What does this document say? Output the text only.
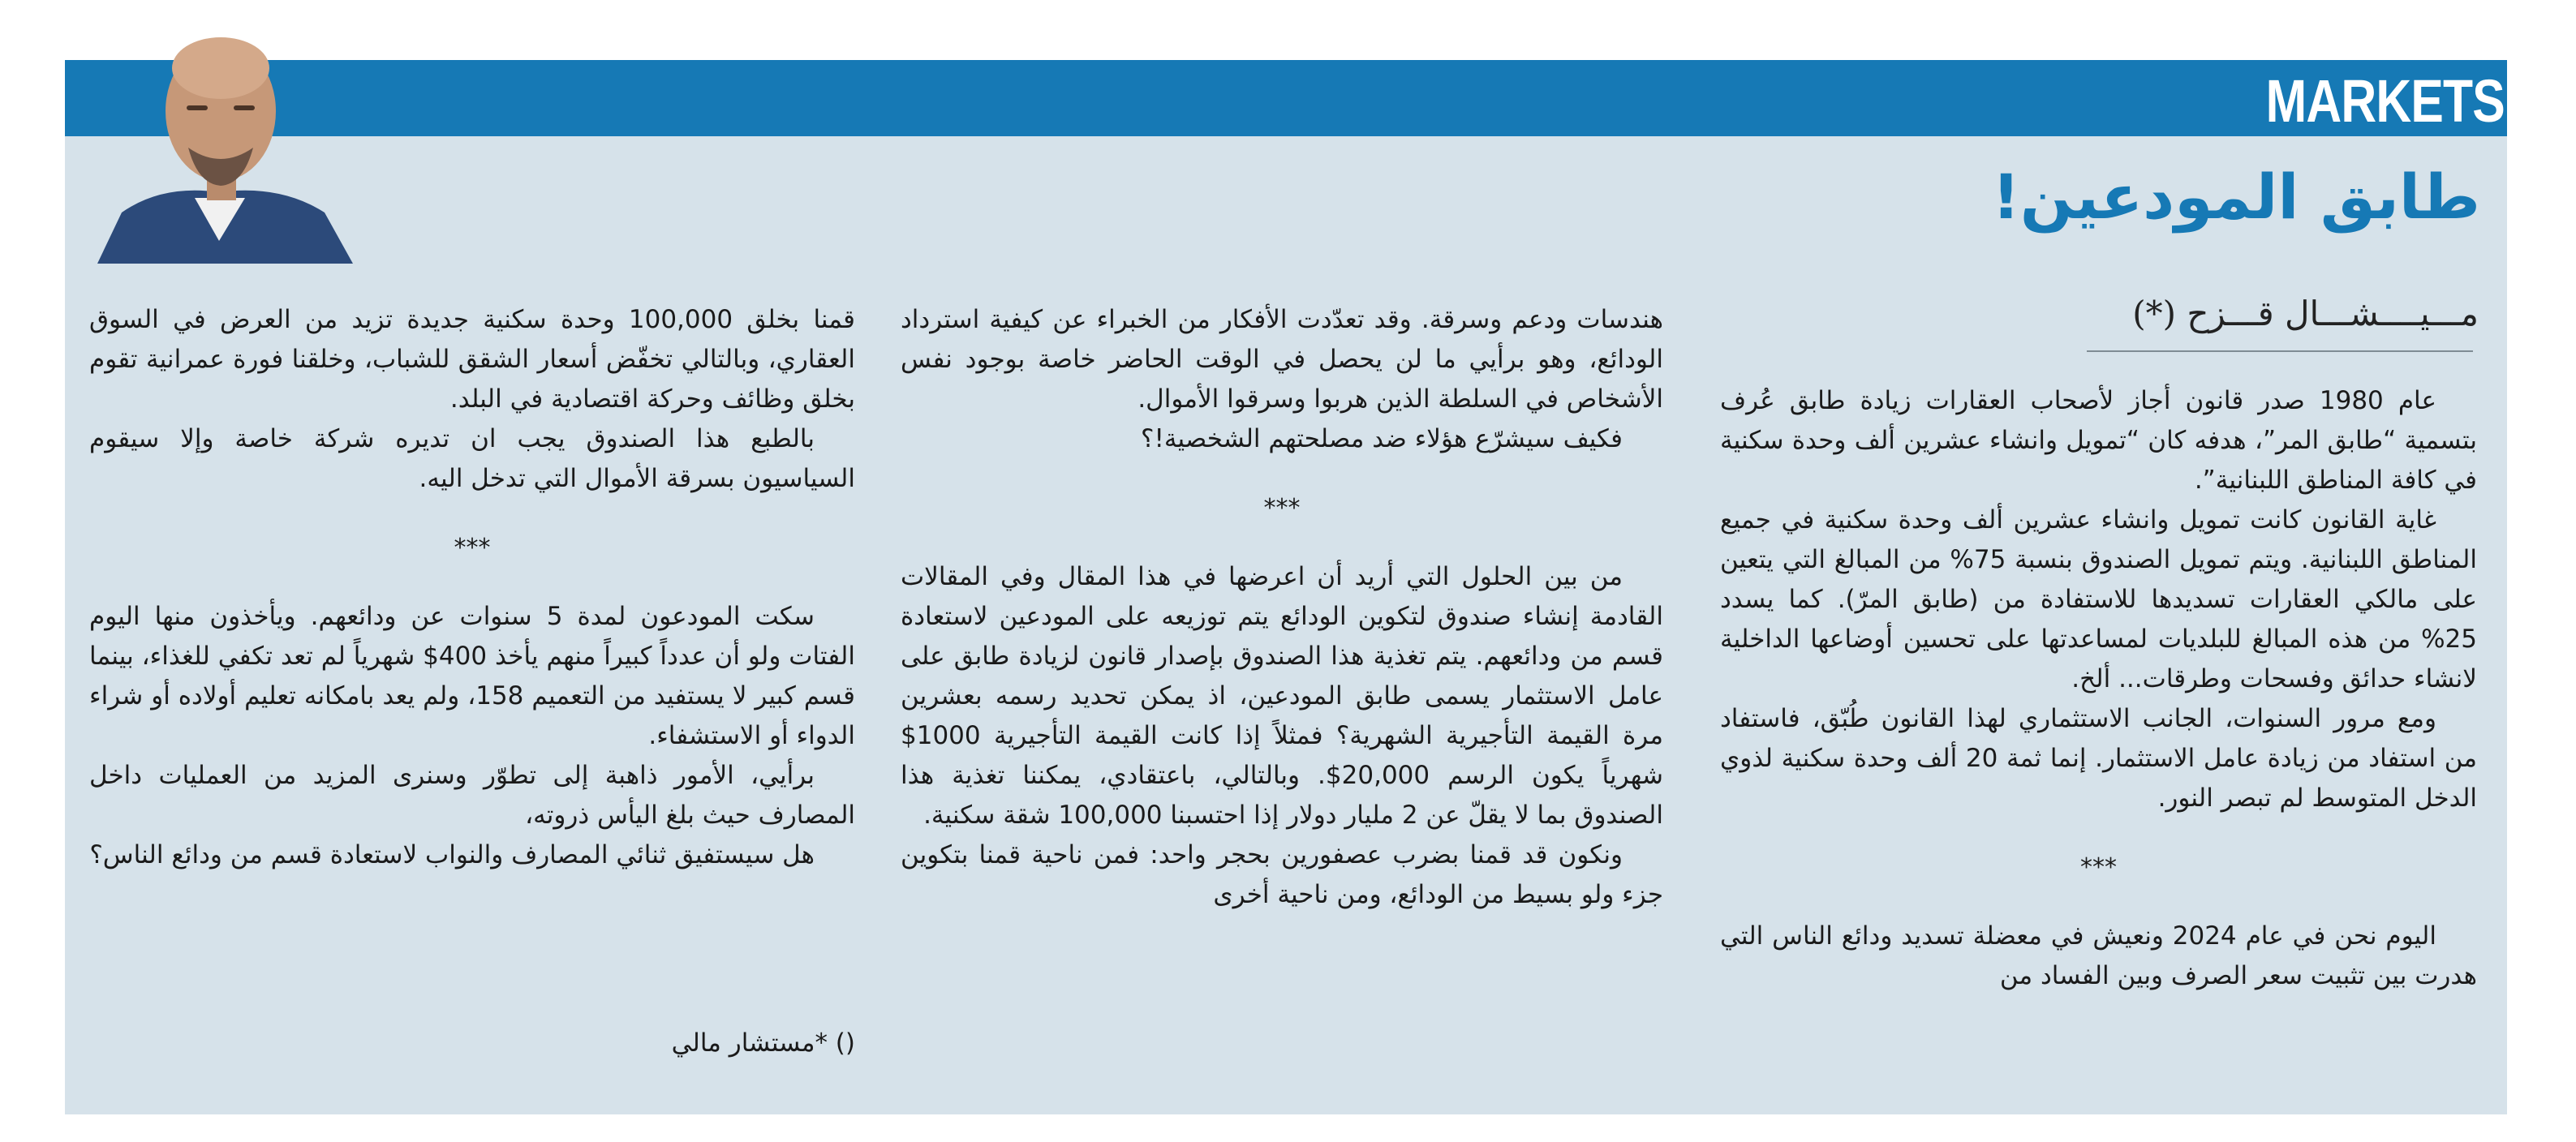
MARKETS
طابق المودعين!
مـــيــــشـــال قـــزح (*)

عام 1980 صدر قانون أجاز لأصحاب العقارات زيادة طابق عُرف بتسمية “طابق المر”، هدفه كان “تمويل وانشاء عشرين ألف وحدة سكنية في كافة المناطق اللبنانية”.

غاية القانون كانت تمويل وانشاء عشرين ألف وحدة سكنية في جميع المناطق اللبنانية. ويتم تمويل الصندوق بنسبة 75% من المبالغ التي يتعين على مالكي العقارات تسديدها للاستفادة من (طابق المرّ). كما يسدد 25% من هذه المبالغ للبلديات لمساعدتها على تحسين أوضاعها الداخلية لانشاء حدائق وفسحات وطرقات... ألخ.

ومع مرور السنوات، الجانب الاستثماري لهذا القانون طُبّق، فاستفاد من استفاد من زيادة عامل الاستثمار. إنما ثمة 20 ألف وحدة سكنية لذوي الدخل المتوسط لم تبصر النور.

***

اليوم نحن في عام 2024 ونعيش في معضلة تسديد ودائع الناس التي هدرت بين تثبيت سعر الصرف وبين الفساد من

هندسات ودعم وسرقة. وقد تعدّدت الأفكار من الخبراء عن كيفية استرداد الودائع، وهو برأيي ما لن يحصل في الوقت الحاضر خاصة بوجود نفس الأشخاص في السلطة الذين هربوا وسرقوا الأموال.

فكيف سيشرّع هؤلاء ضد مصلحتهم الشخصية!؟

***

من بين الحلول التي أريد أن اعرضها في هذا المقال وفي المقالات القادمة إنشاء صندوق لتكوين الودائع يتم توزيعه على المودعين لاستعادة قسم من ودائعهم. يتم تغذية هذا الصندوق بإصدار قانون لزيادة طابق على عامل الاستثمار يسمى طابق المودعين، اذ يمكن تحديد رسمه بعشرين مرة القيمة التأجيرية الشهرية؟ فمثلاً إذا كانت القيمة التأجيرية 1000$ شهرياً يكون الرسم 20,000$. وبالتالي، باعتقادي، يمكننا تغذية هذا الصندوق بما لا يقلّ عن 2 مليار دولار إذا احتسبنا 100,000 شقة سكنية.

ونكون قد قمنا بضرب عصفورين بحجر واحد: فمن ناحية قمنا بتكوين جزء ولو بسيط من الودائع، ومن ناحية أخرى

قمنا بخلق 100,000 وحدة سكنية جديدة تزيد من العرض في السوق العقاري، وبالتالي تخفّض أسعار الشقق للشباب، وخلقنا فورة عمرانية تقوم بخلق وظائف وحركة اقتصادية في البلد.

بالطبع هذا الصندوق يجب ان تديره شركة خاصة وإلا سيقوم السياسيون بسرقة الأموال التي تدخل اليه.

***

سكت المودعون لمدة 5 سنوات عن ودائعهم. ويأخذون منها اليوم الفتات ولو أن عدداً كبيراً منهم يأخذ 400$ شهرياً لم تعد تكفي للغذاء، بينما قسم كبير لا يستفيد من التعميم 158، ولم يعد بامكانه تعليم أولاده أو شراء الدواء أو الاستشفاء.

برأيي، الأمور ذاهبة إلى تطوّر وسنرى المزيد من العمليات داخل المصارف حيث بلغ اليأس ذروته،

هل سيستفيق ثنائي المصارف والنواب لاستعادة قسم من ودائع الناس؟

() *مستشار مالي
